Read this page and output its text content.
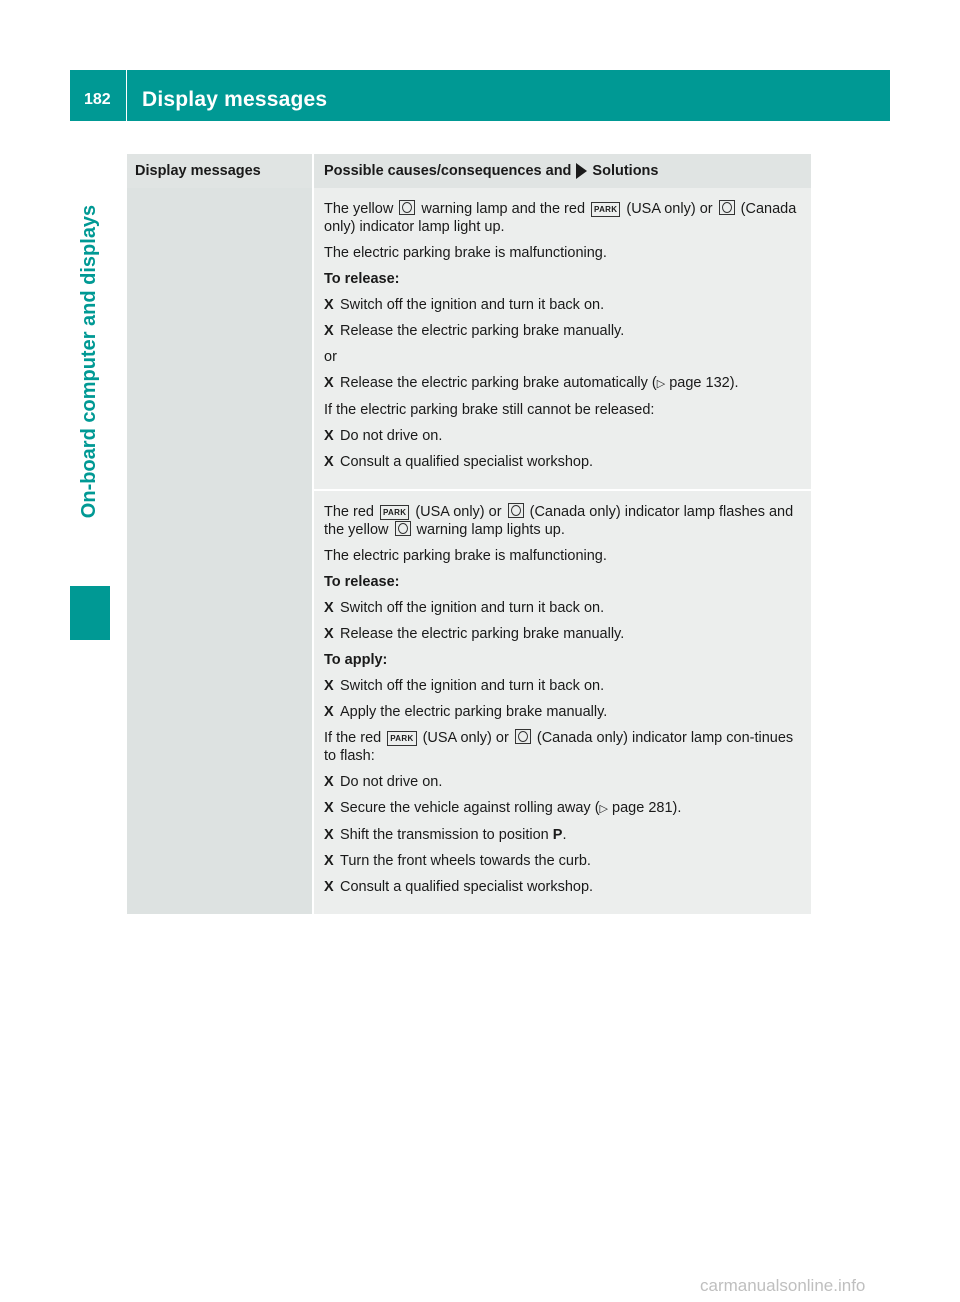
182 Display messages
On-board computer and displays
Display messages	Possible causes/consequences and Solutions

The yellow warning lamp and the red PARK (USA only) or (Canada only) indicator lamp light up.

The electric parking brake is malfunctioning.

To release:

X Switch off the ignition and turn it back on.
X Release the electric parking brake manually.

or

X Release the electric parking brake automatically (▷ page 132).

If the electric parking brake still cannot be released:

X Do not drive on.
X Consult a qualified specialist workshop.

The red PARK (USA only) or (Canada only) indicator lamp flashes and the yellow warning lamp lights up.

The electric parking brake is malfunctioning.

To release:

X Switch off the ignition and turn it back on.
X Release the electric parking brake manually.

To apply:

X Switch off the ignition and turn it back on.
X Apply the electric parking brake manually.

If the red PARK (USA only) or (Canada only) indicator lamp con-tinues to flash:

X Do not drive on.
X Secure the vehicle against rolling away (▷ page 281).
X Shift the transmission to position P.
X Turn the front wheels towards the curb.
X Consult a qualified specialist workshop.
carmanualsonline.info
